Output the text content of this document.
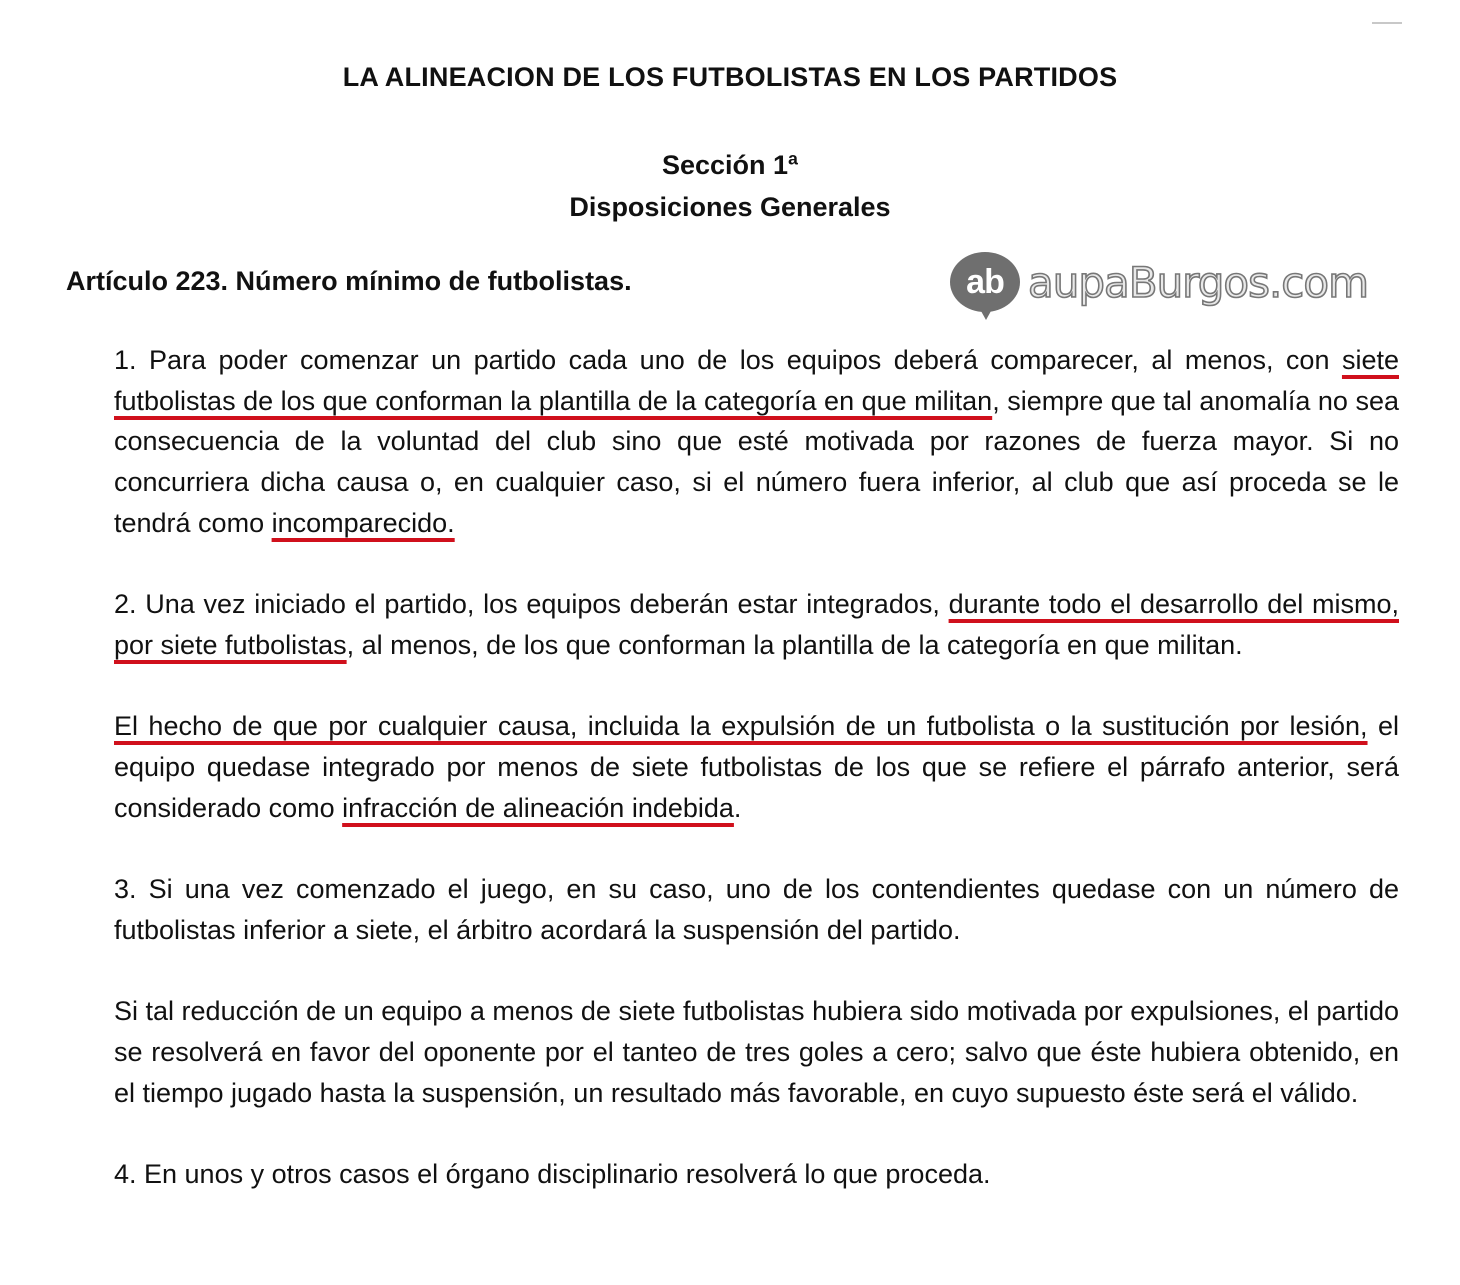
LA ALINEACION DE LOS FUTBOLISTAS EN LOS PARTIDOS
Sección 1ª
Disposiciones Generales
Artículo 223. Número mínimo de futbolistas.	ab aupaBurgos.com

1. Para poder comenzar un partido cada uno de los equipos deberá comparecer, al menos, con siete futbolistas de los que conforman la plantilla de la categoría en que militan, siempre que tal anomalía no sea consecuencia de la voluntad del club sino que esté motivada por razones de fuerza mayor. Si no concurriera dicha causa o, en cualquier caso, si el número fuera inferior, al club que así proceda se le tendrá como incomparecido.

2. Una vez iniciado el partido, los equipos deberán estar integrados, durante todo el desarrollo del mismo, por siete futbolistas, al menos, de los que conforman la plantilla de la categoría en que militan.

El hecho de que por cualquier causa, incluida la expulsión de un futbolista o la sustitución por lesión, el equipo quedase integrado por menos de siete futbolistas de los que se refiere el párrafo anterior, será considerado como infracción de alineación indebida.

3. Si una vez comenzado el juego, en su caso, uno de los contendientes quedase con un número de futbolistas inferior a siete, el árbitro acordará la suspensión del partido.

Si tal reducción de un equipo a menos de siete futbolistas hubiera sido motivada por expulsiones, el partido se resolverá en favor del oponente por el tanteo de tres goles a cero; salvo que éste hubiera obtenido, en el tiempo jugado hasta la suspensión, un resultado más favorable, en cuyo supuesto éste será el válido.

4. En unos y otros casos el órgano disciplinario resolverá lo que proceda.
